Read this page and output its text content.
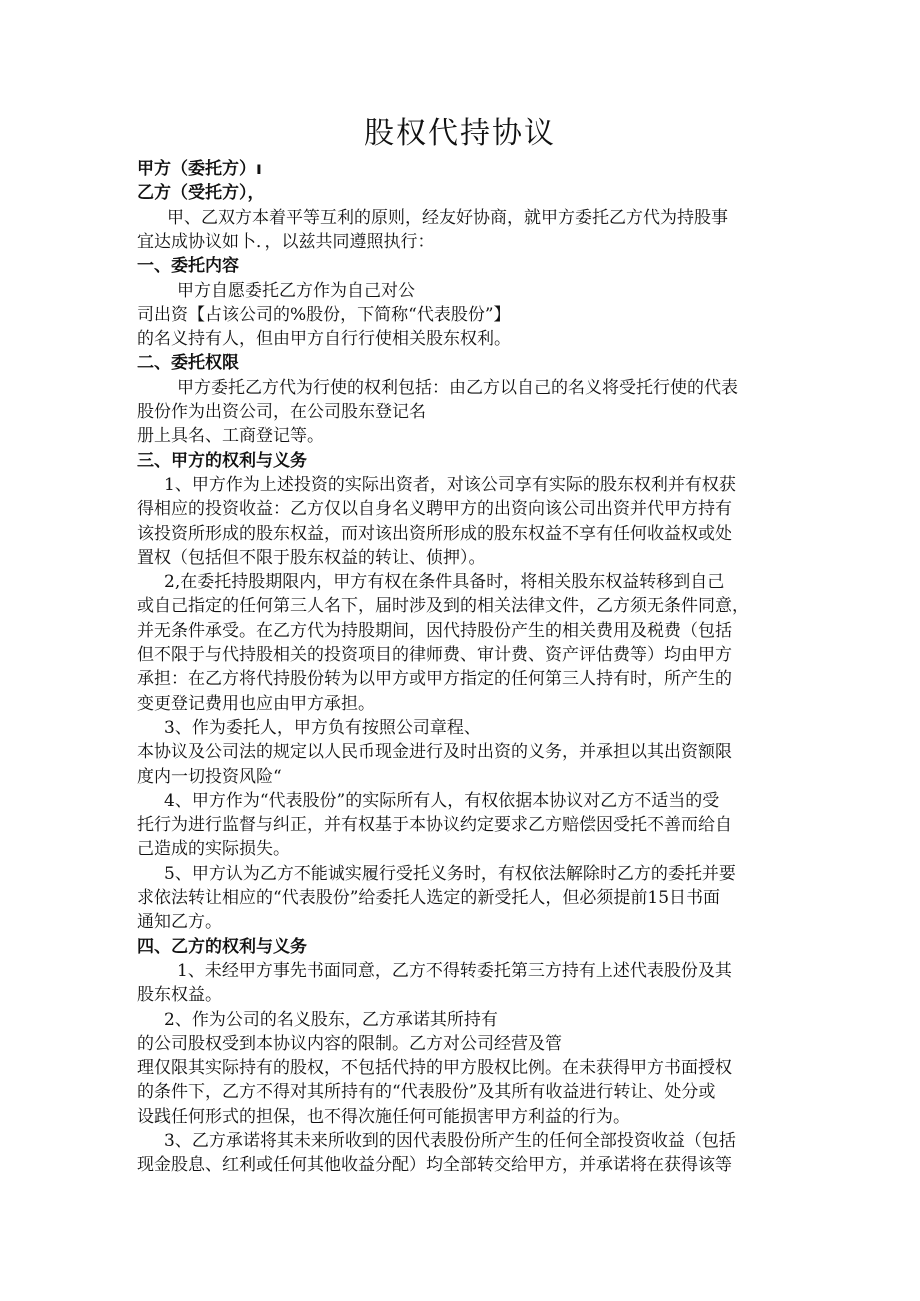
股权代持协议
甲方（委托方）ı
乙方（受托方），
甲、乙双方本着平等互利的原则，经友好协商，就甲方委托乙方代为持股事
宜达成协议如卜．，以兹共同遵照执行：
一、委托内容
甲方自愿委托乙方作为自己对公
司出资【占该公司的%股份，下简称“代表股份”】
的名义持有人，但由甲方自行行使相关股东权利。
二、委托权限
甲方委托乙方代为行使的权利包括：由乙方以自己的名义将受托行使的代表
股份作为出资公司，在公司股东登记名
册上具名、工商登记等。
三、甲方的权利与义务
1、甲方作为上述投资的实际出资者，对该公司享有实际的股东权利并有权获
得相应的投资收益：乙方仅以自身名义聘甲方的出资向该公司出资并代甲方持有
该投资所形成的股东权益，而对该出资所形成的股东权益不享有任何收益权或处
置权（包括但不限于股东权益的转让、侦押）。
2,在委托持股期限内，甲方有权在条件具备时，将相关股东权益转移到自己
或自己指定的任何第三人名下，届时涉及到的相关法律文件，乙方须无条件同意，
并无条件承受。在乙方代为持股期间，因代持股份产生的相关费用及税费（包括
但不限于与代持股相关的投资项目的律师费、审计费、资产评估费等）均由甲方
承担：在乙方将代持股份转为以甲方或甲方指定的任何第三人持有时，所产生的
变更登记费用也应由甲方承担。
3、作为委托人，甲方负有按照公司章程、
本协议及公司法的规定以人民币现金进行及时出资的义务，并承担以其出资额限
度内一切投资风险“
4、甲方作为“代表股份”的实际所有人，有权依据本协议对乙方不适当的受
托行为进行监督与纠正，并有权基于本协议约定要求乙方赔偿因受托不善而给自
己造成的实际损失。
5、甲方认为乙方不能诚实履行受托义务时，有权依法解除时乙方的委托并要
求依法转让相应的“代表股份”给委托人选定的新受托人，但必须提前15日书面
通知乙方。
四、乙方的权利与义务
1、未经甲方事先书面同意，乙方不得转委托第三方持有上述代表股份及其
股东权益。
2、作为公司的名义股东，乙方承诺其所持有
的公司股权受到本协议内容的限制。乙方对公司经营及管
理仅限其实际持有的股权，不包括代持的甲方股权比例。在未获得甲方书面授权
的条件下，乙方不得对其所持有的“代表股份”及其所有收益进行转让、处分或
设践任何形式的担保，也不得次施任何可能损害甲方利益的行为。
3、乙方承诺将其未来所收到的因代表股份所产生的任何全部投资收益（包括
现金股息、红利或任何其他收益分配）均全部转交给甲方，并承诺将在获得该等
